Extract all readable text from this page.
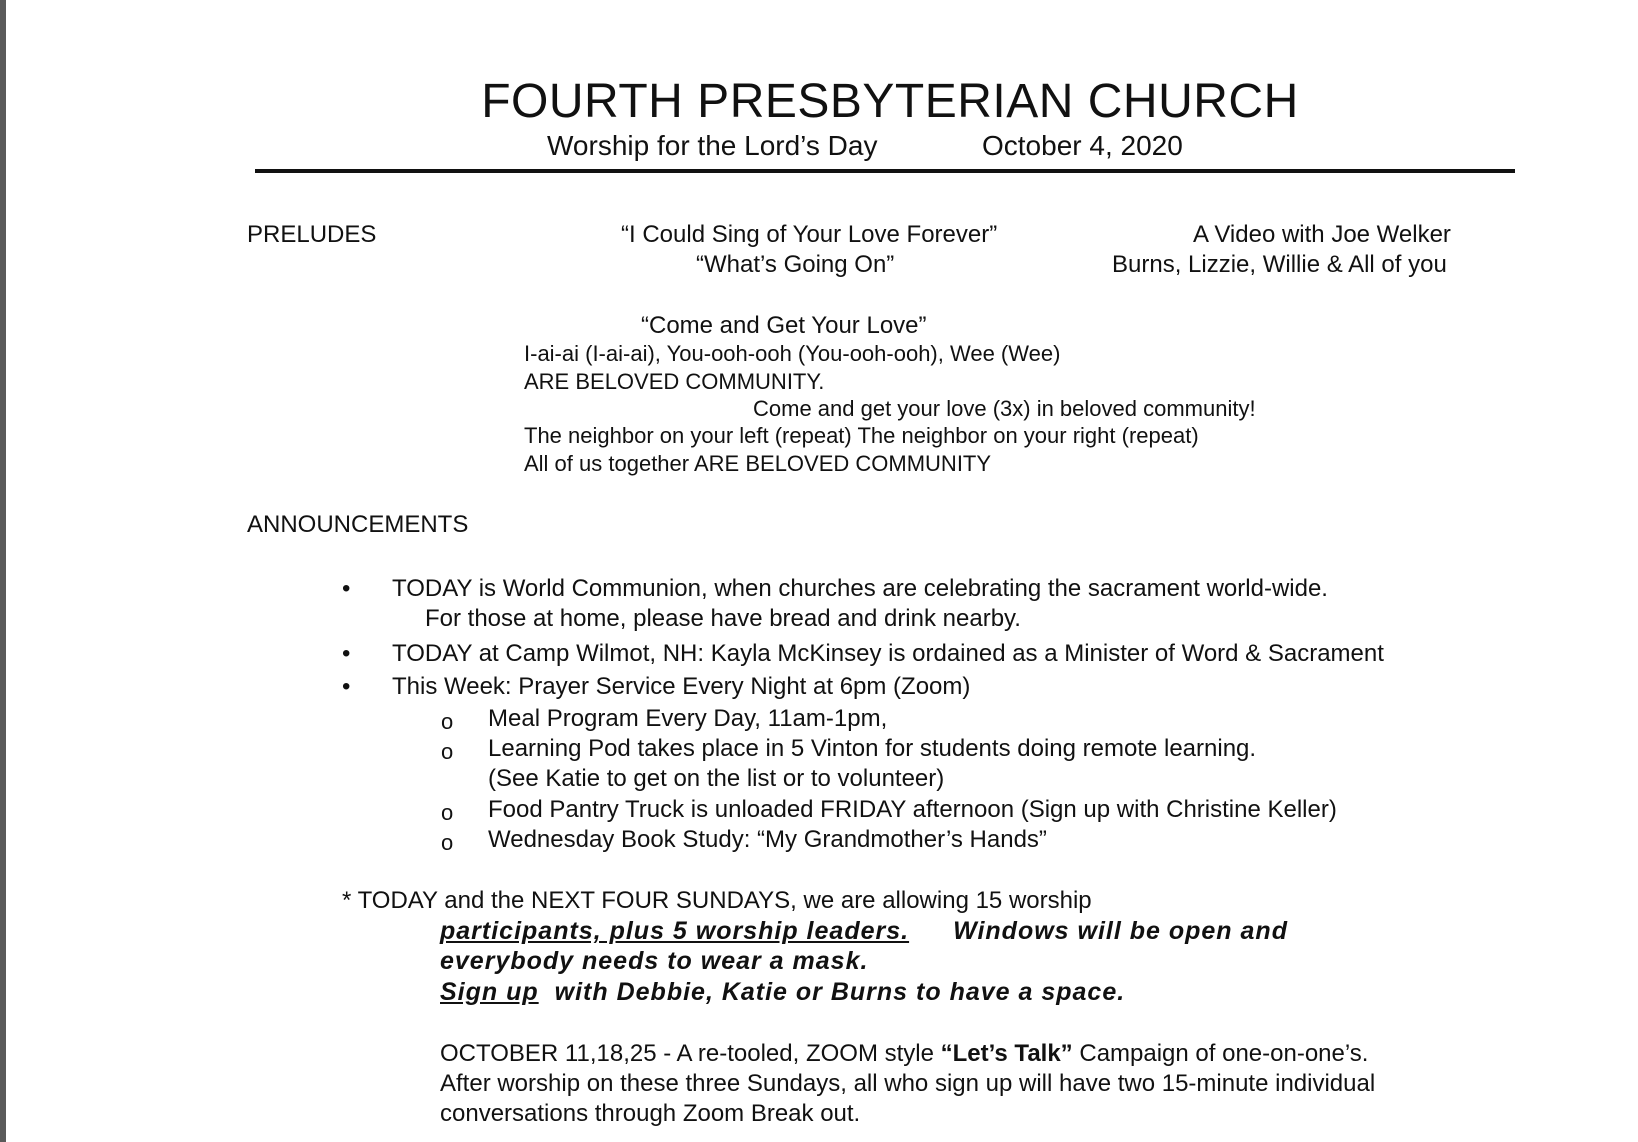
FOURTH PRESBYTERIAN CHURCH
Worship for the Lord’s Day	October 4, 2020
PRELUDES	“I Could Sing of Your Love Forever”	A Video with Joe Welker
“What’s Going On”	Burns, Lizzie, Willie & All of you
“Come and Get Your Love”
I-ai-ai (I-ai-ai), You-ooh-ooh (You-ooh-ooh), Wee (Wee)
ARE BELOVED COMMUNITY.
Come and get your love (3x) in beloved community!
The neighbor on your left (repeat) The neighbor on your right (repeat)
All of us together ARE BELOVED COMMUNITY
ANNOUNCEMENTS
• TODAY is World Communion, when churches are celebrating the sacrament world-wide.
For those at home, please have bread and drink nearby.
• TODAY at Camp Wilmot, NH: Kayla McKinsey is ordained as a Minister of Word & Sacrament
• This Week: Prayer Service Every Night at 6pm (Zoom)
o Meal Program Every Day, 11am-1pm,
o Learning Pod takes place in 5 Vinton for students doing remote learning.
(See Katie to get on the list or to volunteer)
o Food Pantry Truck is unloaded FRIDAY afternoon (Sign up with Christine Keller)
o Wednesday Book Study: “My Grandmother’s Hands”
* TODAY and the NEXT FOUR SUNDAYS, we are allowing 15 worship
participants, plus 5 worship leaders. Windows will be open and
everybody needs to wear a mask.
Sign up with Debbie, Katie or Burns to have a space.
OCTOBER 11,18,25 - A re-tooled, ZOOM style “Let’s Talk” Campaign of one-on-one’s.
After worship on these three Sundays, all who sign up will have two 15-minute individual
conversations through Zoom Break out.
